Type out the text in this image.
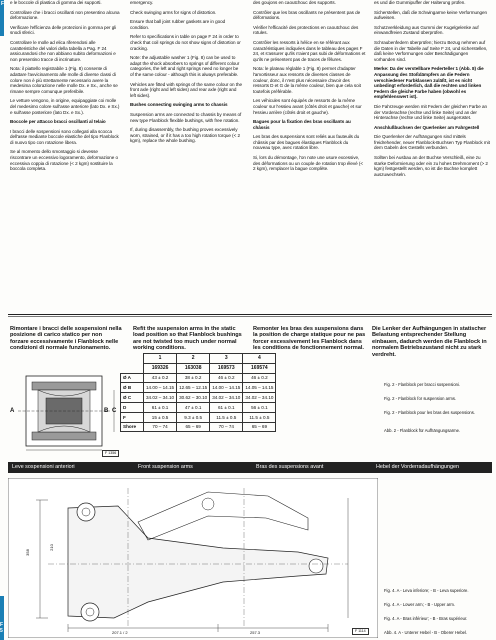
F
F 5

e le boccole di plastica di gomma dei supporti.

Controllare che i bracci oscillanti non presentino alcuna deformazione.

Verificare l'efficienza delle protezioni in gomma per gli snodi sferici.

Controllare le molle ad elica riferendosi alle caratteristiche del valori della tabella a Pag. F 24 assicurandosi che non abbiano subito deformazioni e non presentino tracce di incrinature.

Nota: il piattello registrabile 1 (Fig. 8) consente di adattare l'avvicinamento alle molle di diverse classi di colore non è più strettamente necessario avere la medesima colorazione nelle molle Dx. e Sx., anche se rimane sempre comunque preferibile.

Le vetture vengono, in origine, equipaggiate coi molle del medesimo colore sull'asse anteriore (lato Dx. e Sx.) e sull'asse posteriore (lato Dx. e Sx.).

Boccole per attacco bracci oscillanti al telaio

I bracci delle sospensioni sono collegati alla scocca dell'asse mediante boccole elastiche del tipo Flanblock di nuovo tipo con rotazione libera.

Se al momento dello smontaggio si devesse riscontrare un eccessivo logoramento, deformazione o eccessiva coppia di rotazione (< 2 kgm) sostituire la boccola completa.

emergency.

Check swinging arms for signs of distortion.

Ensure that ball joint rubber gaskets are in good condition.

Refer to specifications in table on page F 24 in order to check that coil springs do not show signs of distortion or cracking.

Note: the adjustable washer 1 (Fig. 8) can be used to adapt the shock absorbers to springs of different colour categories, the left and right springs need no longer be of the same colour - although this is always preferable.

Vehicles are fitted with springs of the same colour on the front axle (right and left sides) and rear axle (right and left sides).

Bushes connecting swinging arms to chassis

Suspension arms are connected to chassis by means of new type Flanblock flexible bushings, with free rotation.

If, during disassembly, the bushing proves excessively worn, strained, or if it has a too high rotation torque (< 2 kgm), replace the whole bushing.

des goujons en caoutchouc des supports.

Contrôler que les bras oscillants ne présentent pas de déformations.

Vérifier l'efficacité des protections en caoutchouc des rotules.

Contrôler les ressorts à hélice en se référant aux caractéristiques indiquées dans le tableau des pages F 24, et s'assurer qu'ils n'aient pas subi de déformations et qu'ils ne présentent pas de traces de fêlures.

Nota: le plateau réglable 1 (Fig. 8) permet d'adapter l'amortisseur aux ressorts de diverses classes de couleur, donc, il n'est plus nécessaire d'avoir des ressorts D et G de la même couleur, bien que cela soit toutefois préférable.

Les véhicules sont équipés de ressorts de la même couleur sur l'essieu avant (côtés droit et gauche) et sur l'essieu arrière (côtés droit et gauche).

Bagues pour la fixation des bras oscillants au châssis

Les bras des suspensions sont reliés aux fauteuils du châssis par des bagues élastiques Flanblock du nouveau type, avec rotation libre.

Si, lors du démontage, l'on note une usure excessive, des déformations ou un couple de rotation trop élevé (< 2 kgm), remplacer la bague complète.

es und die Gummipuffer der Halterung prüfen.

Sicherstellen, daß die Schwingarme keine Verformungen aufweisen.

Schutzverkleidung aus Gummi der Kugelgelenke auf einwandfreien Zustand überprüfen.

Schraubenfedern überprüfen; hierzu Bezug nehmen auf die Daten in der Tabelle auf Seite F 24, und sicherstellen, daß keine Verformungen oder Beschädigungen vorhanden sind.

Merke: Da der verstellbare Federteller 1 (Abb. 8) die Anpassung des Stoßdämpfers an die Federn verschiedener Farbklassen zuläßt, ist es nicht unbedingt erforderlich, daß die rechten und linken Federn die gleiche Farbe haben (obwohl es empfehlenswert ist).

Die Fahrzeuge werden mit Federn der gleichen Farbe an der Vorderachse (rechte und linke Seite) und an der Hinterachse (rechte und linke Seite) ausgerüstet.

Anschlußbuchsen der Querlenker am Fahrgestell

Die Querlenker der Aufhängungen sind mittels freidrehender, neuer Flanblock-Buchsen Typ Flanblock mit dem Gabeln des Gestells verbunden.

Sollten bei Ausbau an der Buchse Verschleiß, eine zu starke Deformierung oder ein zu hohes Drehmoment (> 2 kgm) festgestellt werden, so ist die Buchse komplett auszuwechseln.

Rimontare i bracci delle sospensioni nella posizione di carico statico per non forzare eccessivamente i Flanblock nelle condizioni di normale funzionamento.
Refit the suspension arms in the static load position so that Flanblock bushings are not twisted too much under normal working conditions.
Remonter les bras des suspensions dans la position de charge statique pour ne pas forcer excessivement les Flanblock dans les conditions de fonctionnement normal.
Die Lenker der Aufhängungen in statischer Belastung entsprechender Stellung einbauen, dadurch werden die Flanblock in normalem Betriebszustand nicht zu stark verdreht.
A	B C
F 1356
	1	2	3	4
	169326	163038	169573	169574
Ø A	43 ± 0.2	38 ± 0.2	46 ± 0.2	46 ± 0.2
Ø B	14.00 – 14.15	12.65 – 12.15	14.00 – 14.15	14.05 – 14.15
Ø C	34.02 – 34.10	30.62 – 30.10	34.02 – 34.10	34.02 – 34.10
D	61 ± 0.1	47 ± 0.1	61 ± 0.1	56 ± 0.1
F	15 ± 0.5	9.3 ± 0.5	11.5 ± 0.5	11.5 ± 0.5
Shore	70 – 74	65 – 69	70 – 74	65 – 69
Fig. 2 - Flanblock per bracci sospensioni.
Fig. 2 - Flanblock for suspension arms.
Fig. 2 - Flanblock pour les bras des suspensions.
Abb. 2 - Flanblock für Aufhängungsarme.
Leve sospensioni anteriori	Front suspension arms	Bras des suspensions avant	Hebel der Vorderradaufhängungen
358
210
207.1 / 2	257.3	F 1114
Fig. 4. A - Leva inferiore; - B - Leva superiore.
Fig. 4. A - Lower arm; - B - Upper arm.
Fig. 4. A - Bras inférieur; - B - Bras supérieur.
Abb. 4. A - Unterer Hebel - B - Oberer Hebel.
